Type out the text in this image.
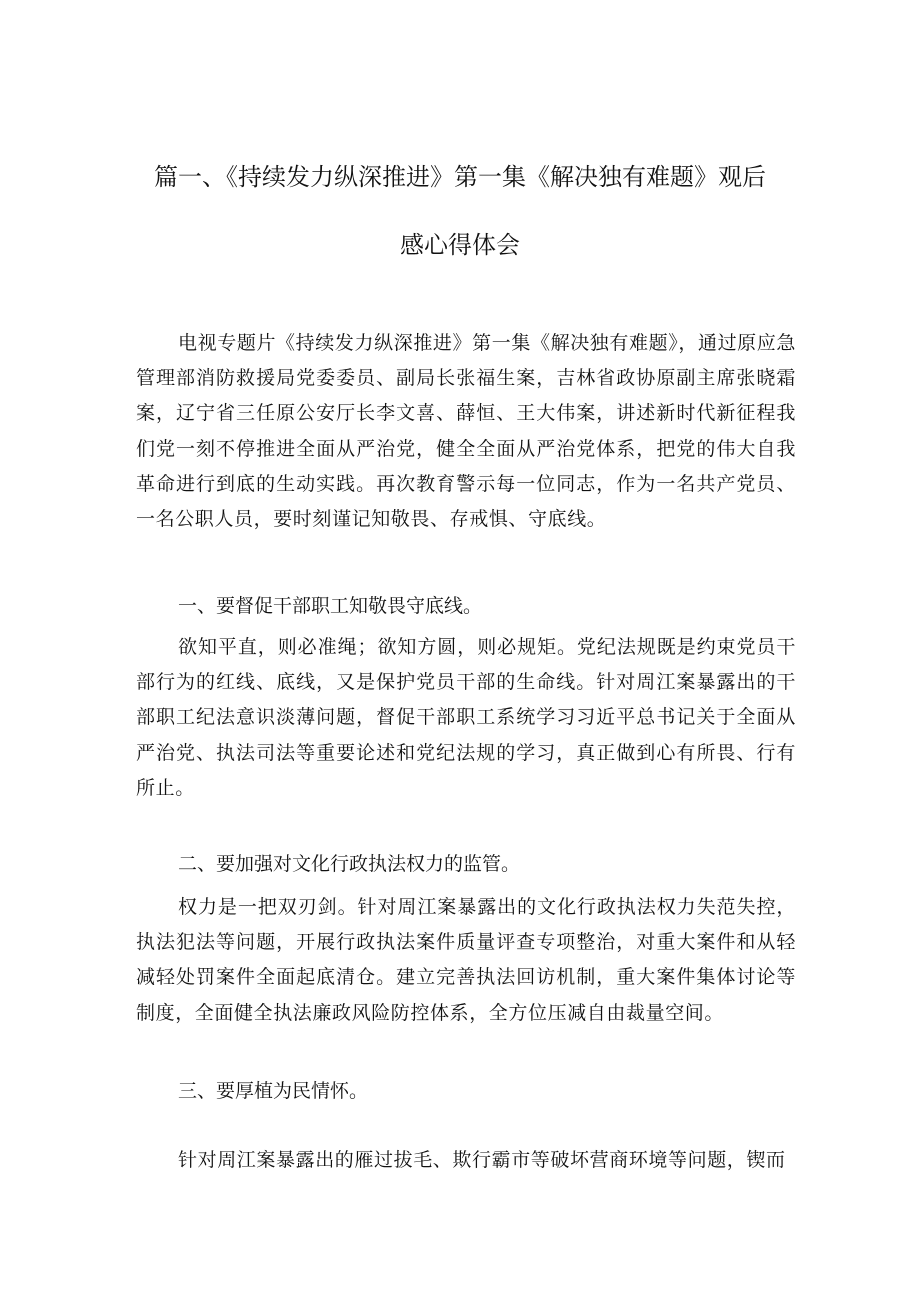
篇一、《持续发力纵深推进》第一集《解决独有难题》观后
感心得体会
电视专题片《持续发力纵深推进》第一集《解决独有难题》，通过原应急管理部消防救援局党委委员、副局长张福生案，吉林省政协原副主席张晓霜案，辽宁省三任原公安厅长李文喜、薛恒、王大伟案，讲述新时代新征程我们党一刻不停推进全面从严治党，健全全面从严治党体系，把党的伟大自我革命进行到底的生动实践。再次教育警示每一位同志，作为一名共产党员、一名公职人员，要时刻谨记知敬畏、存戒惧、守底线。
一、要督促干部职工知敬畏守底线。
欲知平直，则必准绳；欲知方圆，则必规矩。党纪法规既是约束党员干部行为的红线、底线，又是保护党员干部的生命线。针对周江案暴露出的干部职工纪法意识淡薄问题，督促干部职工系统学习习近平总书记关于全面从严治党、执法司法等重要论述和党纪法规的学习，真正做到心有所畏、行有所止。
二、要加强对文化行政执法权力的监管。
权力是一把双刃剑。针对周江案暴露出的文化行政执法权力失范失控，执法犯法等问题，开展行政执法案件质量评查专项整治，对重大案件和从轻减轻处罚案件全面起底清仓。建立完善执法回访机制，重大案件集体讨论等制度，全面健全执法廉政风险防控体系，全方位压减自由裁量空间。
三、要厚植为民情怀。
针对周江案暴露出的雁过拔毛、欺行霸市等破坏营商环境等问题，锲而
